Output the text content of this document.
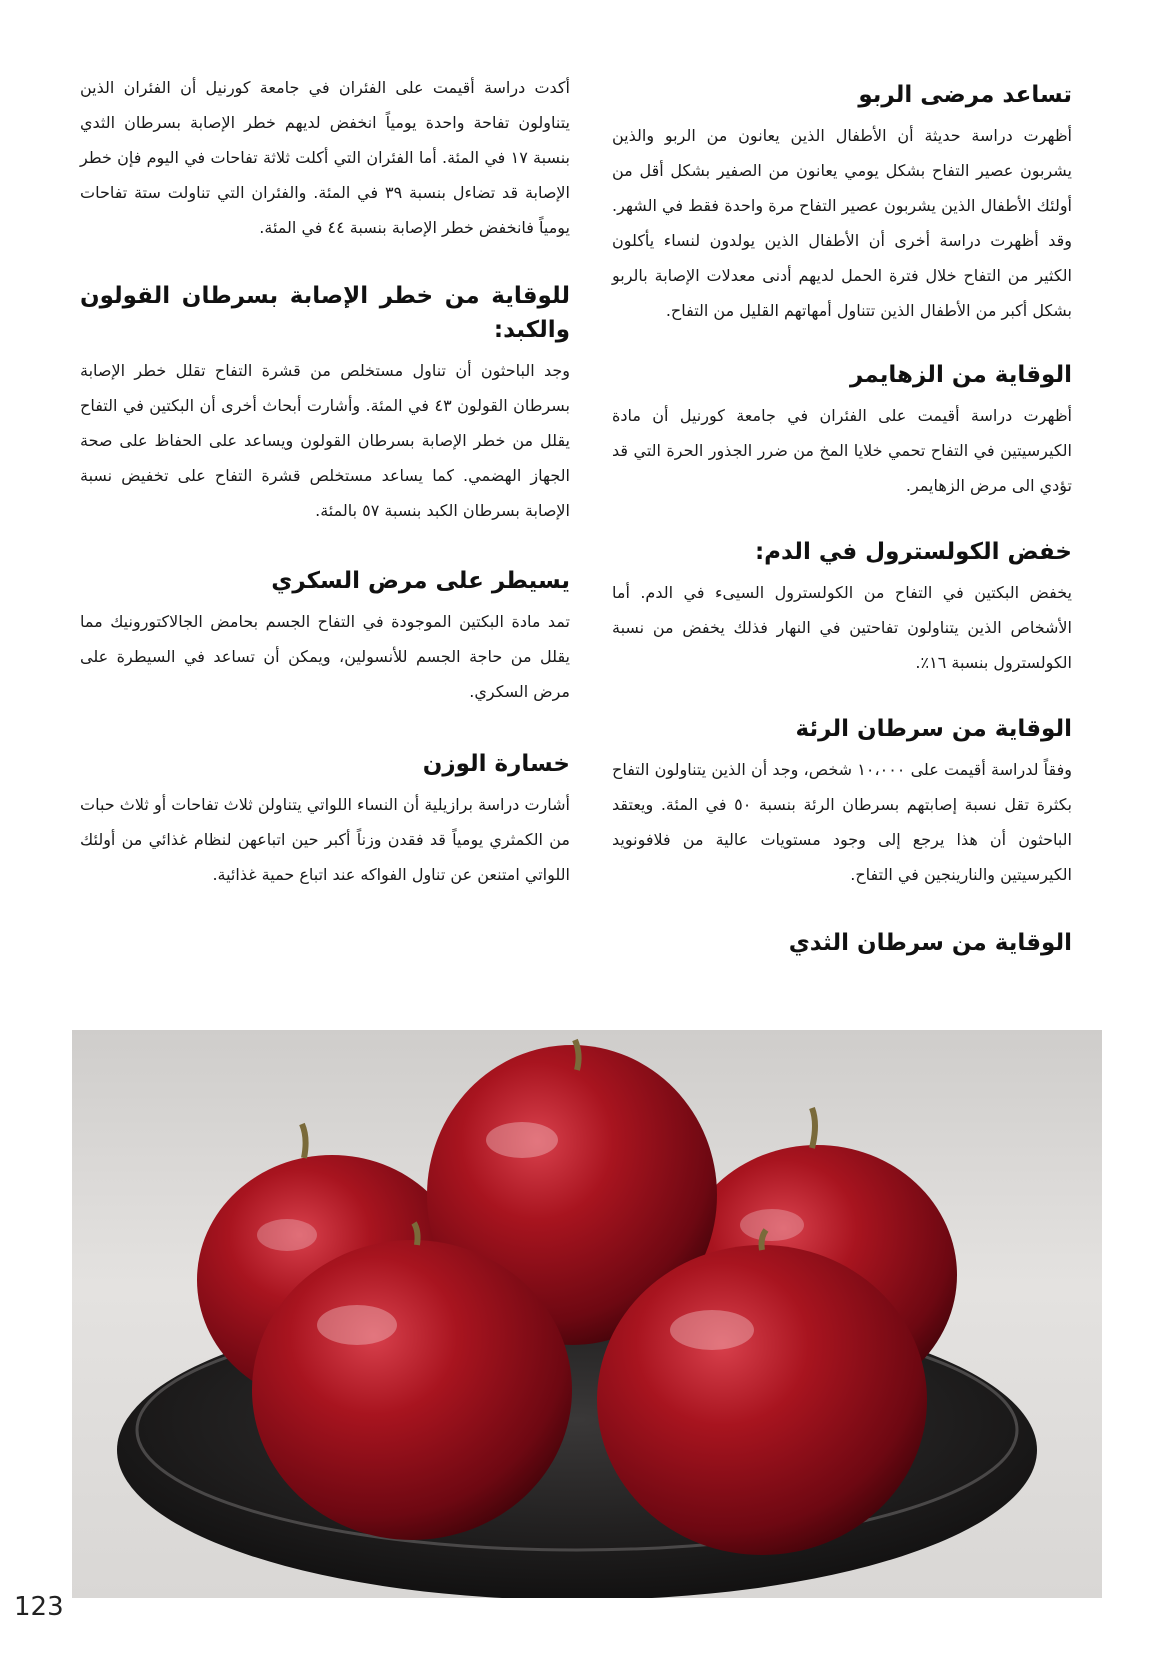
تساعد مرضى الربو

أظهرت دراسة حديثة أن الأطفال الذين يعانون من الربو والذين يشربون عصير التفاح بشكل يومي يعانون من الصفير بشكل أقل من أولئك الأطفال الذين يشربون عصير التفاح مرة واحدة فقط في الشهر. وقد أظهرت دراسة أخرى أن الأطفال الذين يولدون لنساء يأكلون الكثير من التفاح خلال فترة الحمل لديهم أدنى معدلات الإصابة بالربو بشكل أكبر من الأطفال الذين تتناول أمهاتهم القليل من التفاح.

الوقاية من الزهايمر

أظهرت دراسة أقيمت على الفئران في جامعة كورنيل أن مادة الكيرسيتين في التفاح تحمي خلايا المخ من ضرر الجذور الحرة التي قد تؤدي الى مرض الزهايمر.

خفض الكولسترول في الدم:

يخفض البكتين في التفاح من الكولسترول السيىء في الدم. أما الأشخاص الذين يتناولون تفاحتين في النهار فذلك يخفض من نسبة الكولسترول بنسبة ١٦٪.

الوقاية من سرطان الرئة

وفقاً لدراسة أقيمت على ١٠،٠٠٠ شخص، وجد أن الذين يتناولون التفاح بكثرة تقل نسبة إصابتهم بسرطان الرئة بنسبة ٥٠ في المئة. ويعتقد الباحثون أن هذا يرجع إلى وجود مستويات عالية من فلافونويد الكيرسيتين والنارينجين في التفاح.

الوقاية من سرطان الثدي

أكدت دراسة أقيمت على الفئران في جامعة كورنيل أن الفئران الذين يتناولون تفاحة واحدة يومياً انخفض لديهم خطر الإصابة بسرطان الثدي بنسبة ١٧ في المئة. أما الفئران التي أكلت ثلاثة تفاحات في اليوم فإن خطر الإصابة قد تضاءل بنسبة ٣٩ في المئة. والفئران التي تناولت ستة تفاحات يومياً فانخفض خطر الإصابة بنسبة ٤٤ في المئة.

للوقاية من خطر الإصابة بسرطان القولون والكبد:

وجد الباحثون أن تناول مستخلص من قشرة التفاح تقلل خطر الإصابة بسرطان القولون ٤٣ في المئة. وأشارت أبحاث أخرى أن البكتين في التفاح يقلل من خطر الإصابة بسرطان القولون ويساعد على الحفاظ على صحة الجهاز الهضمي. كما يساعد مستخلص قشرة التفاح على تخفيض نسبة الإصابة بسرطان الكبد بنسبة ٥٧ بالمئة.

يسيطر على مرض السكري

تمد مادة البكتين الموجودة في التفاح الجسم بحامض الجالاكتورونيك مما يقلل من حاجة الجسم للأنسولين، ويمكن أن تساعد في السيطرة على مرض السكري.

خسارة الوزن

أشارت دراسة برازيلية أن النساء اللواتي يتناولن ثلاث تفاحات أو ثلاث حبات من الكمثري يومياً قد فقدن وزناً أكبر حين اتباعهن لنظام غذائي من أولئك اللواتي امتنعن عن تناول الفواكه عند اتباع حمية غذائية.

123
